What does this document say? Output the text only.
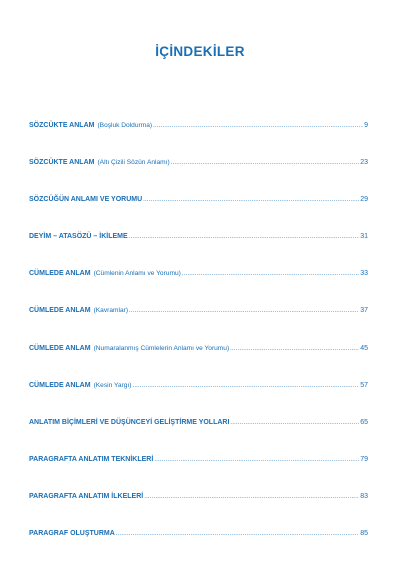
İÇİNDEKİLER
SÖZCÜKTE ANLAM (Boşluk Doldurma) .....	9
SÖZCÜKTE ANLAM (Altı Çizili Sözün Anlamı) .....	23
SÖZCÜĞÜN ANLAMI VE YORUMU .....	29
DEYİM – ATASÖZÜ – İKİLEME .....	31
CÜMLEDE ANLAM (Cümlenin Anlamı ve Yorumu) .....	33
CÜMLEDE ANLAM (Kavramlar) .....	37
CÜMLEDE ANLAM (Numaralanmış Cümlelerin Anlamı ve Yorumu) .....	45
CÜMLEDE ANLAM (Kesin Yargı) .....	57
ANLATIM BİÇİMLERİ VE DÜŞÜNCEYİ GELİŞTİRME YOLLARI .....	65
PARAGRAFTA ANLATIM TEKNİKLERİ .....	79
PARAGRAFTA ANLATIM İLKELERİ .....	83
PARAGRAF OLUŞTURMA .....	85
